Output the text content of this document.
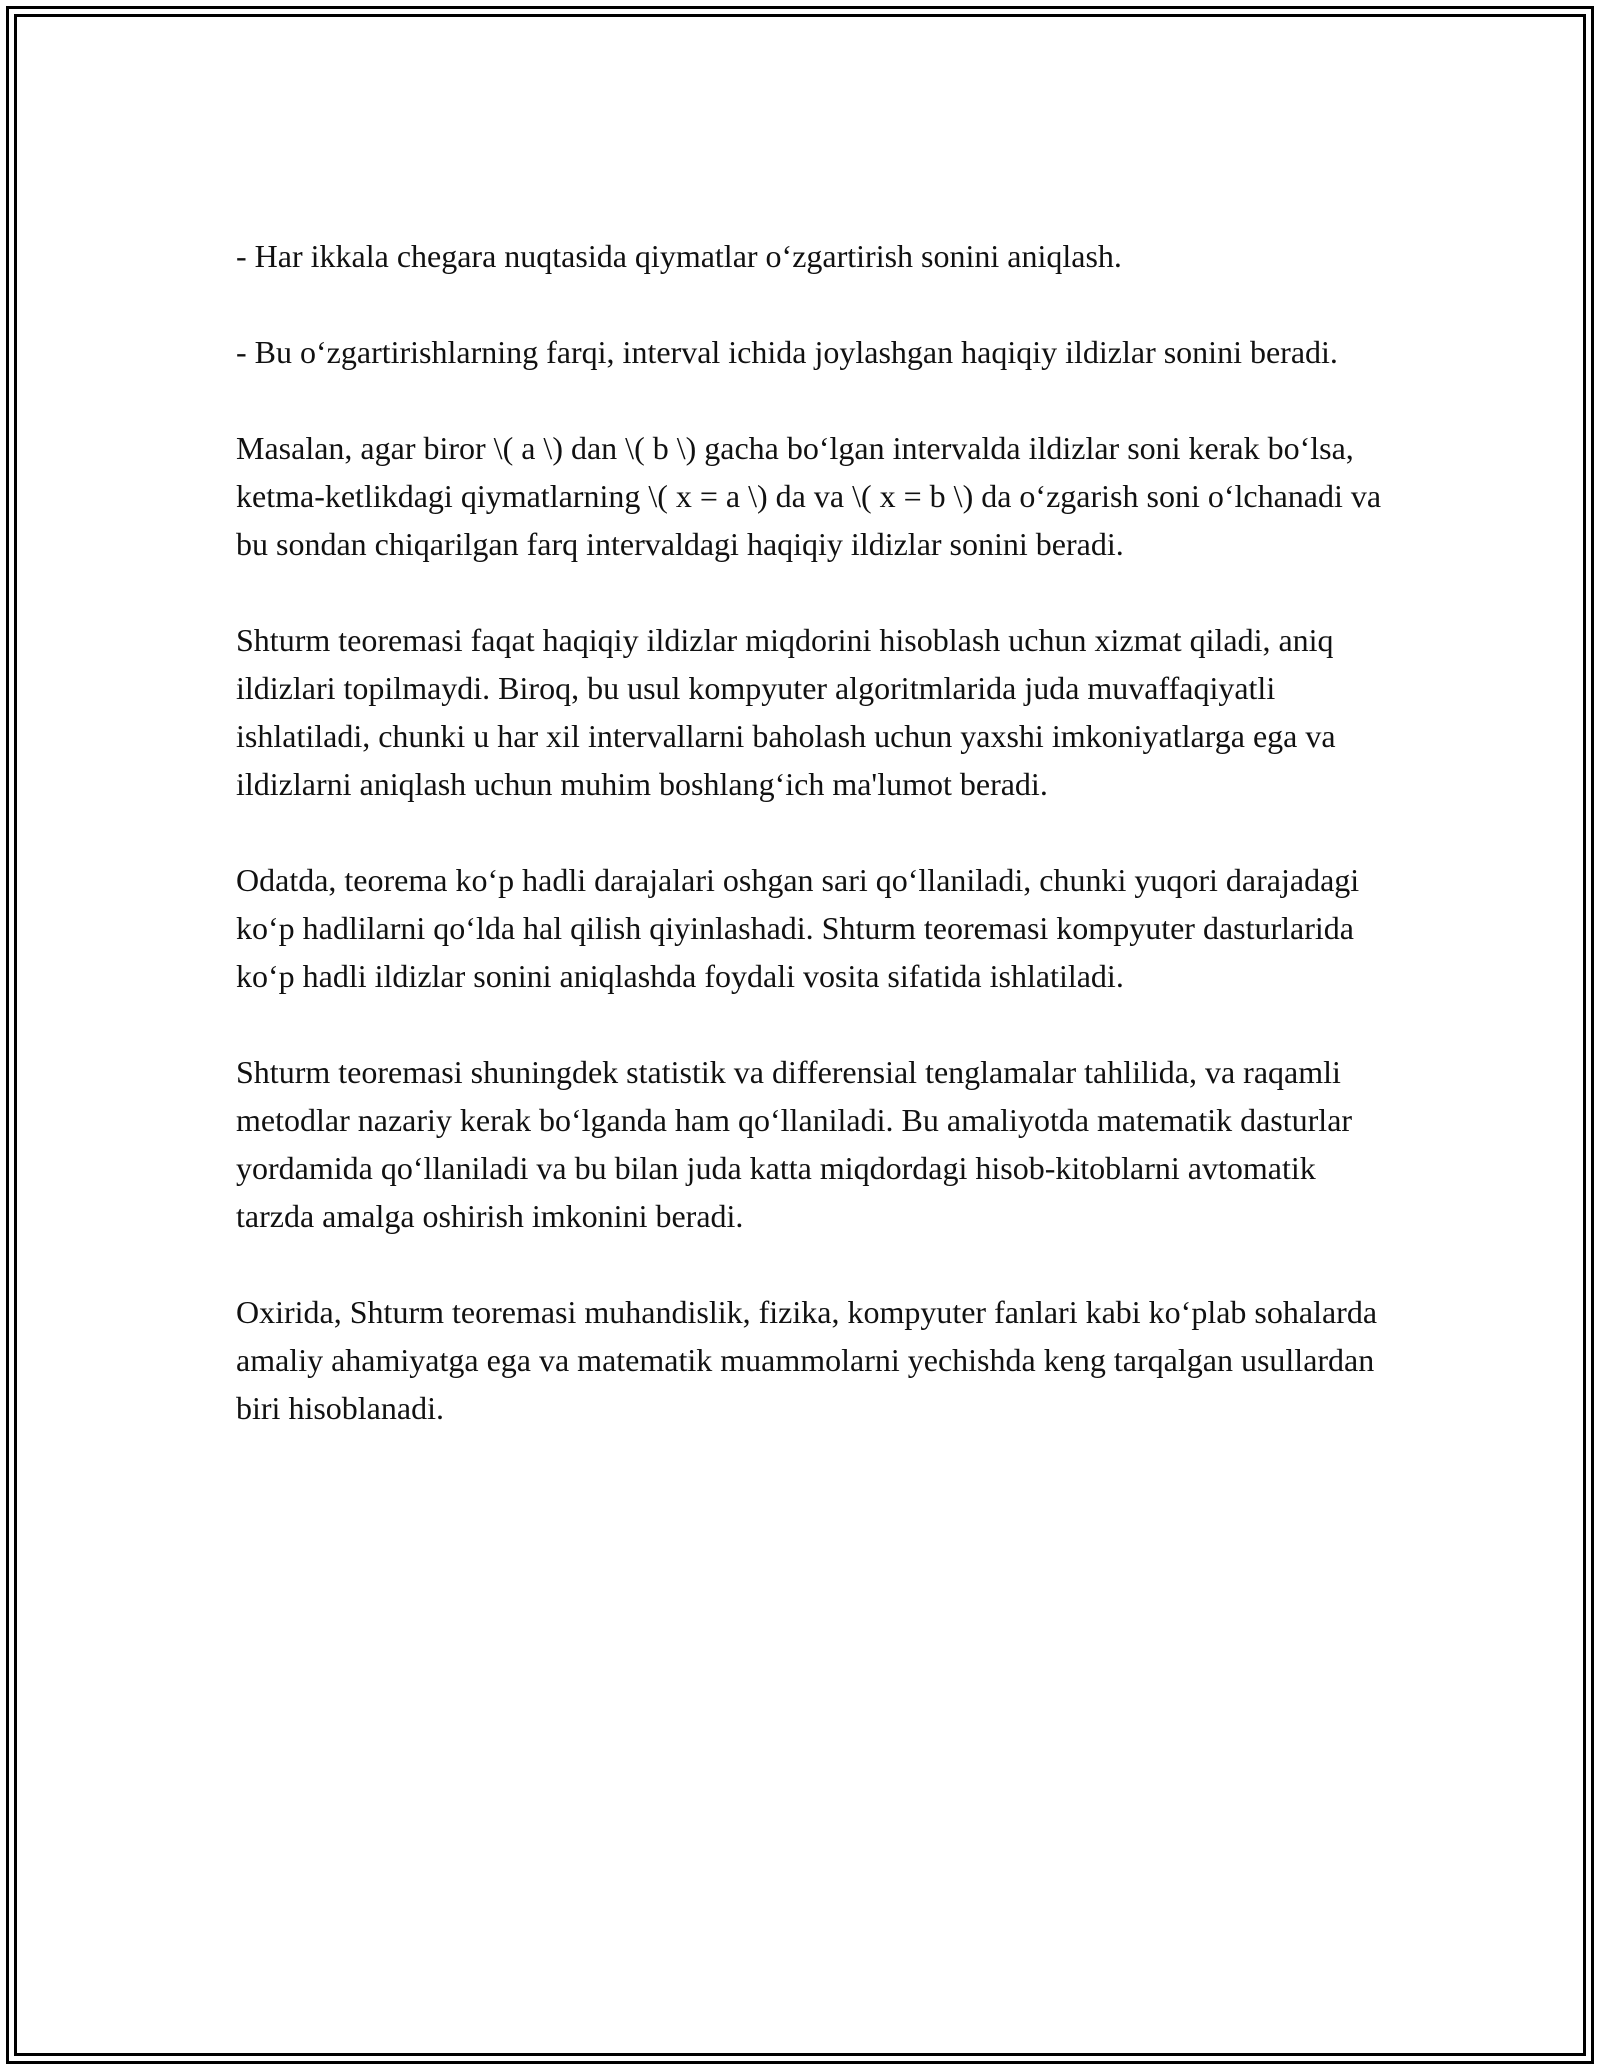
- Har ikkala chegara nuqtasida qiymatlar o‘zgartirish sonini aniqlash.

- Bu o‘zgartirishlarning farqi, interval ichida joylashgan haqiqiy ildizlar sonini beradi.

Masalan, agar biror \( a \) dan \( b \) gacha bo‘lgan intervalda ildizlar soni kerak bo‘lsa, ketma-ketlikdagi qiymatlarning \( x = a \) da va \( x = b \) da o‘zgarish soni o‘lchanadi va bu sondan chiqarilgan farq intervaldagi haqiqiy ildizlar sonini beradi.

Shturm teoremasi faqat haqiqiy ildizlar miqdorini hisoblash uchun xizmat qiladi, aniq ildizlari topilmaydi. Biroq, bu usul kompyuter algoritmlarida juda muvaffaqiyatli ishlatiladi, chunki u har xil intervallarni baholash uchun yaxshi imkoniyatlarga ega va ildizlarni aniqlash uchun muhim boshlang‘ich ma'lumot beradi.

Odatda, teorema ko‘p hadli darajalari oshgan sari qo‘llaniladi, chunki yuqori darajadagi ko‘p hadlilarni qo‘lda hal qilish qiyinlashadi. Shturm teoremasi kompyuter dasturlarida ko‘p hadli ildizlar sonini aniqlashda foydali vosita sifatida ishlatiladi.

Shturm teoremasi shuningdek statistik va differensial tenglamalar tahlilida, va raqamli metodlar nazariy kerak bo‘lganda ham qo‘llaniladi. Bu amaliyotda matematik dasturlar yordamida qo‘llaniladi va bu bilan juda katta miqdordagi hisob-kitoblarni avtomatik tarzda amalga oshirish imkonini beradi.

Oxirida, Shturm teoremasi muhandislik, fizika, kompyuter fanlari kabi ko‘plab sohalarda amaliy ahamiyatga ega va matematik muammolarni yechishda keng tarqalgan usullardan biri hisoblanadi.
